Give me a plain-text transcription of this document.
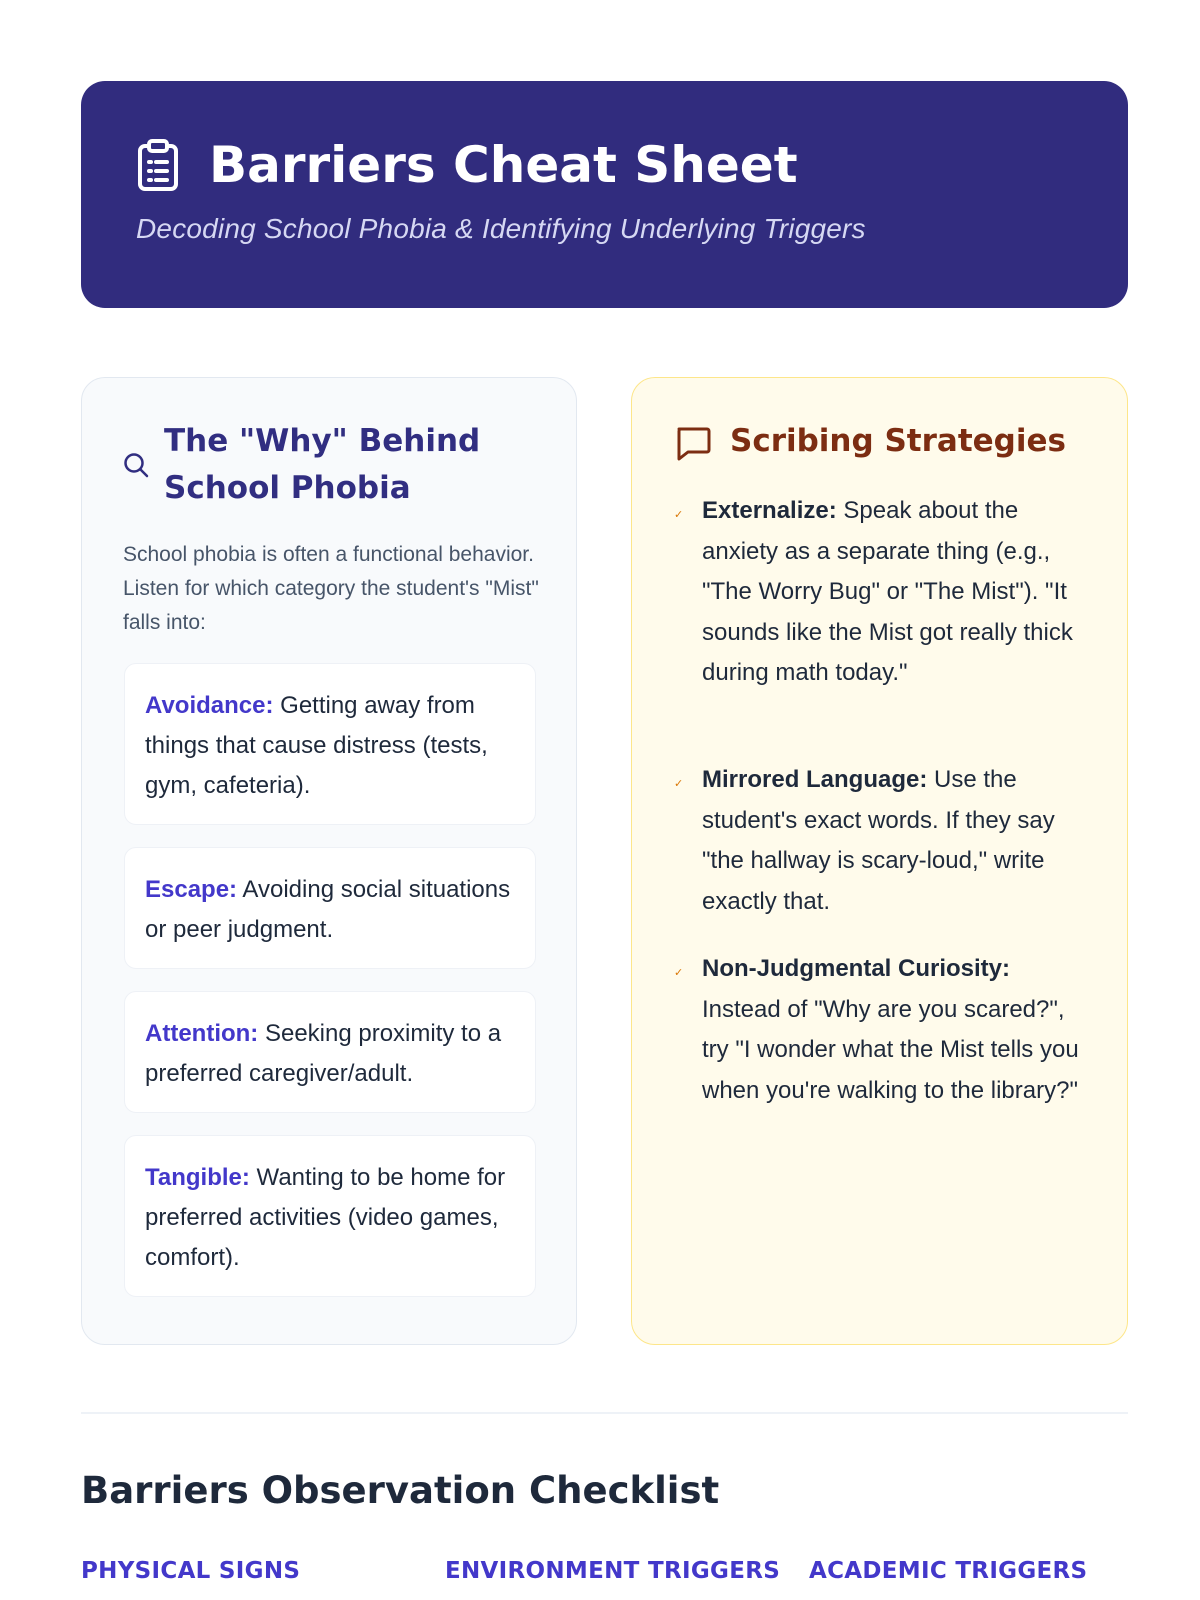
Barriers Cheat Sheet
Decoding School Phobia & Identifying Underlying Triggers
The "Why" Behind School Phobia

School phobia is often a functional behavior. Listen for which category the student's "Mist" falls into:

Avoidance: Getting away from things that cause distress (tests, gym, cafeteria).
Escape: Avoiding social situations or peer judgment.
Attention: Seeking proximity to a preferred caregiver/adult.
Tangible: Wanting to be home for preferred activities (video games, comfort).
Scribing Strategies
✓ Externalize: Speak about the anxiety as a separate thing (e.g., "The Worry Bug" or "The Mist"). "It sounds like the Mist got really thick during math today."
✓ Mirrored Language: Use the student's exact words. If they say "the hallway is scary-loud," write exactly that.
✓ Non-Judgmental Curiosity: Instead of "Why are you scared?", try "I wonder what the Mist tells you when you're walking to the library?"
Barriers Observation Checklist
PHYSICAL SIGNS	ENVIRONMENT TRIGGERS ACADEMIC TRIGGERS
